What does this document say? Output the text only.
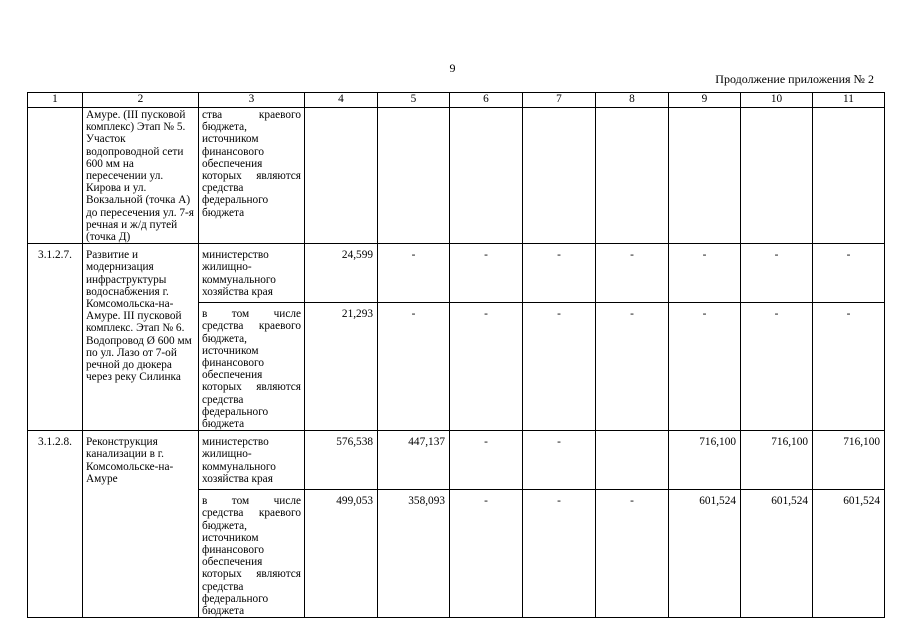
9
Продолжение приложения № 2
1	2	3	4	5	6	7	8	9	10	11
	Амуре. (III пусковой комплекс) Этап № 5. Участок водопроводной сети 600 мм на пересечении ул. Кирова и ул. Вокзальной (точка А) до пересечения ул. 7-я речная и ж/д путей (точка Д)	ства краевого бюджета, источником финансового обеспечения которых являются средства федерального бюджета								
3.1.2.7.	Развитие и модернизация инфраструктуры водоснабжения г. Комсомольска-на-Амуре. III пусковой комплекс. Этап № 6. Водопровод Ø 600 мм по ул. Лазо от 7-ой речной до дюкера через реку Силинка	министерство жилищно-коммунального хозяйства края	24,599	-	-	-	-	-	-	-
		в том числе средства краевого бюджета, источником финансового обеспечения которых являются средства федерального бюджета	21,293	-	-	-	-	-	-	-
3.1.2.8.	Реконструкция канализации в г. Комсомольске-на-Амуре	министерство жилищно-коммунального хозяйства края	576,538	447,137	-	-		716,100	716,100	716,100
		в том числе средства краевого бюджета, источником финансового обеспечения которых являются средства федерального бюджета	499,053	358,093	-	-	-	601,524	601,524	601,524
